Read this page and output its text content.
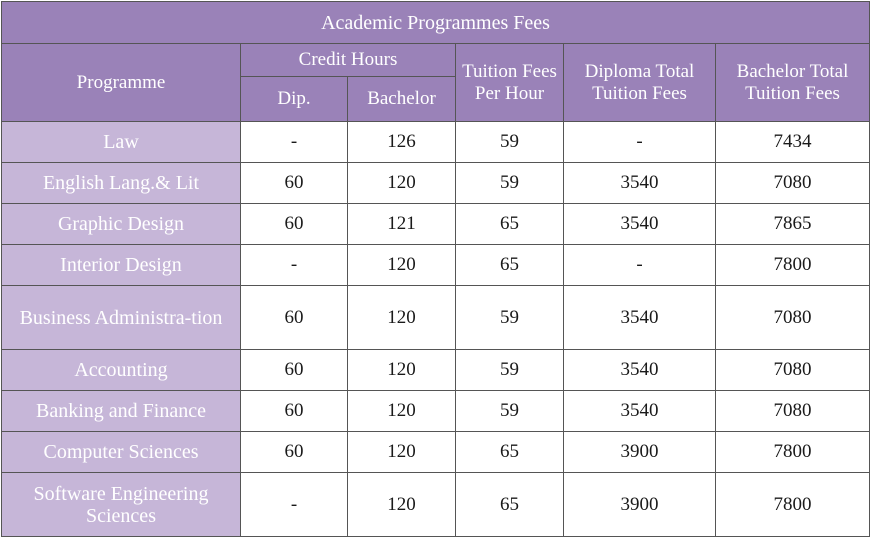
Academic Programmes Fees					
Programme	Credit Hours		Tuition Fees Per Hour	Diploma Total Tuition Fees	Bachelor Total Tuition Fees
	Dip.	Bachelor			
Law	-	126	59	-	7434
English Lang.& Lit	60	120	59	3540	7080
Graphic Design	60	121	65	3540	7865
Interior Design	-	120	65	-	7800
Business Administra-tion	60	120	59	3540	7080
Accounting	60	120	59	3540	7080
Banking and Finance	60	120	59	3540	7080
Computer Sciences	60	120	65	3900	7800
Software Engineering Sciences	-	120	65	3900	7800
